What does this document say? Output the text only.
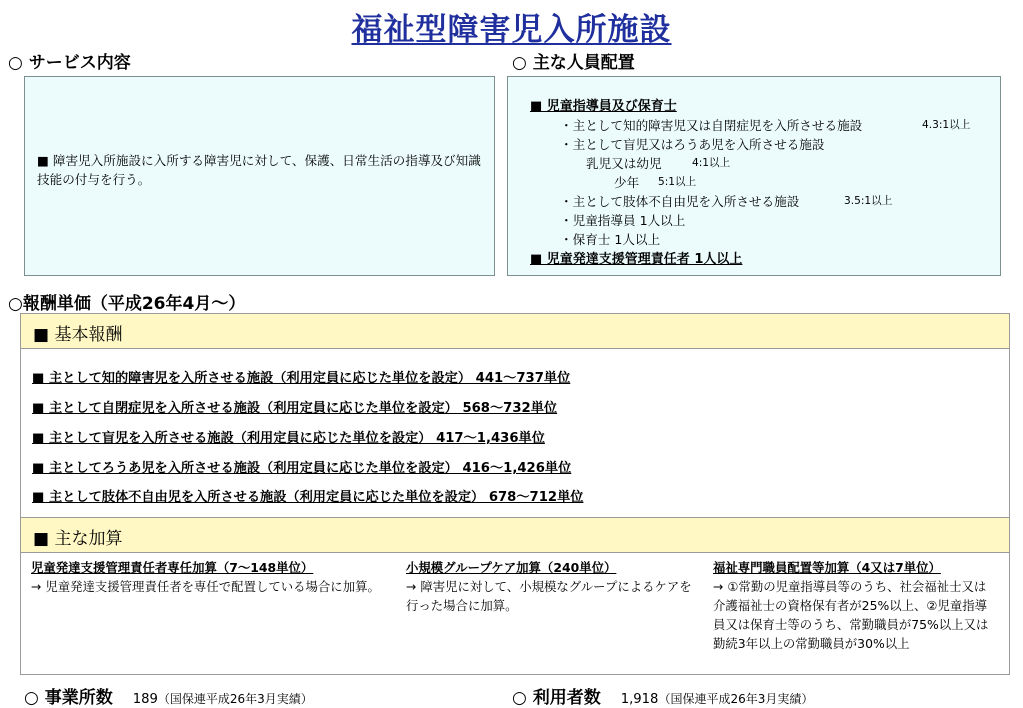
福祉型障害児入所施設
○ サービス内容	○ 主な人員配置
■ 障害児入所施設に入所する障害児に対して、保護、日常生活の指導及び知識技能の付与を行う。
■ 児童指導員及び保育士
・主として知的障害児又は自閉症児を入所させる施設	4.3:1以上
・主として盲児又はろうあ児を入所させる施設
乳児又は幼児	4:1以上
少年 5:1以上
・主として肢体不自由児を入所させる施設	3.5:1以上
・児童指導員 1人以上
・保育士 1人以上
■ 児童発達支援管理責任者 1人以上
○報酬単価（平成26年4月～）
■ 基本報酬
■ 主として知的障害児を入所させる施設（利用定員に応じた単位を設定） 441～737単位
■ 主として自閉症児を入所させる施設（利用定員に応じた単位を設定） 568～732単位
■ 主として盲児を入所させる施設（利用定員に応じた単位を設定） 417～1,436単位
■ 主としてろうあ児を入所させる施設（利用定員に応じた単位を設定） 416～1,426単位
■ 主として肢体不自由児を入所させる施設（利用定員に応じた単位を設定） 678～712単位
■ 主な加算
児童発達支援管理責任者専任加算（7～148単位）
→ 児童発達支援管理責任者を専任で配置している場合に加算。
小規模グループケア加算（240単位）
→ 障害児に対して、小規模なグループによるケアを行った場合に加算。
福祉専門職員配置等加算（4又は7単位）
→ ①常勤の児童指導員等のうち、社会福祉士又は介護福祉士の資格保有者が25%以上、②児童指導員又は保育士等のうち、常勤職員が75%以上又は勤続3年以上の常勤職員が30%以上
○ 事業所数 189（国保連平成26年3月実績）	○ 利用者数 1,918（国保連平成26年3月実績）
